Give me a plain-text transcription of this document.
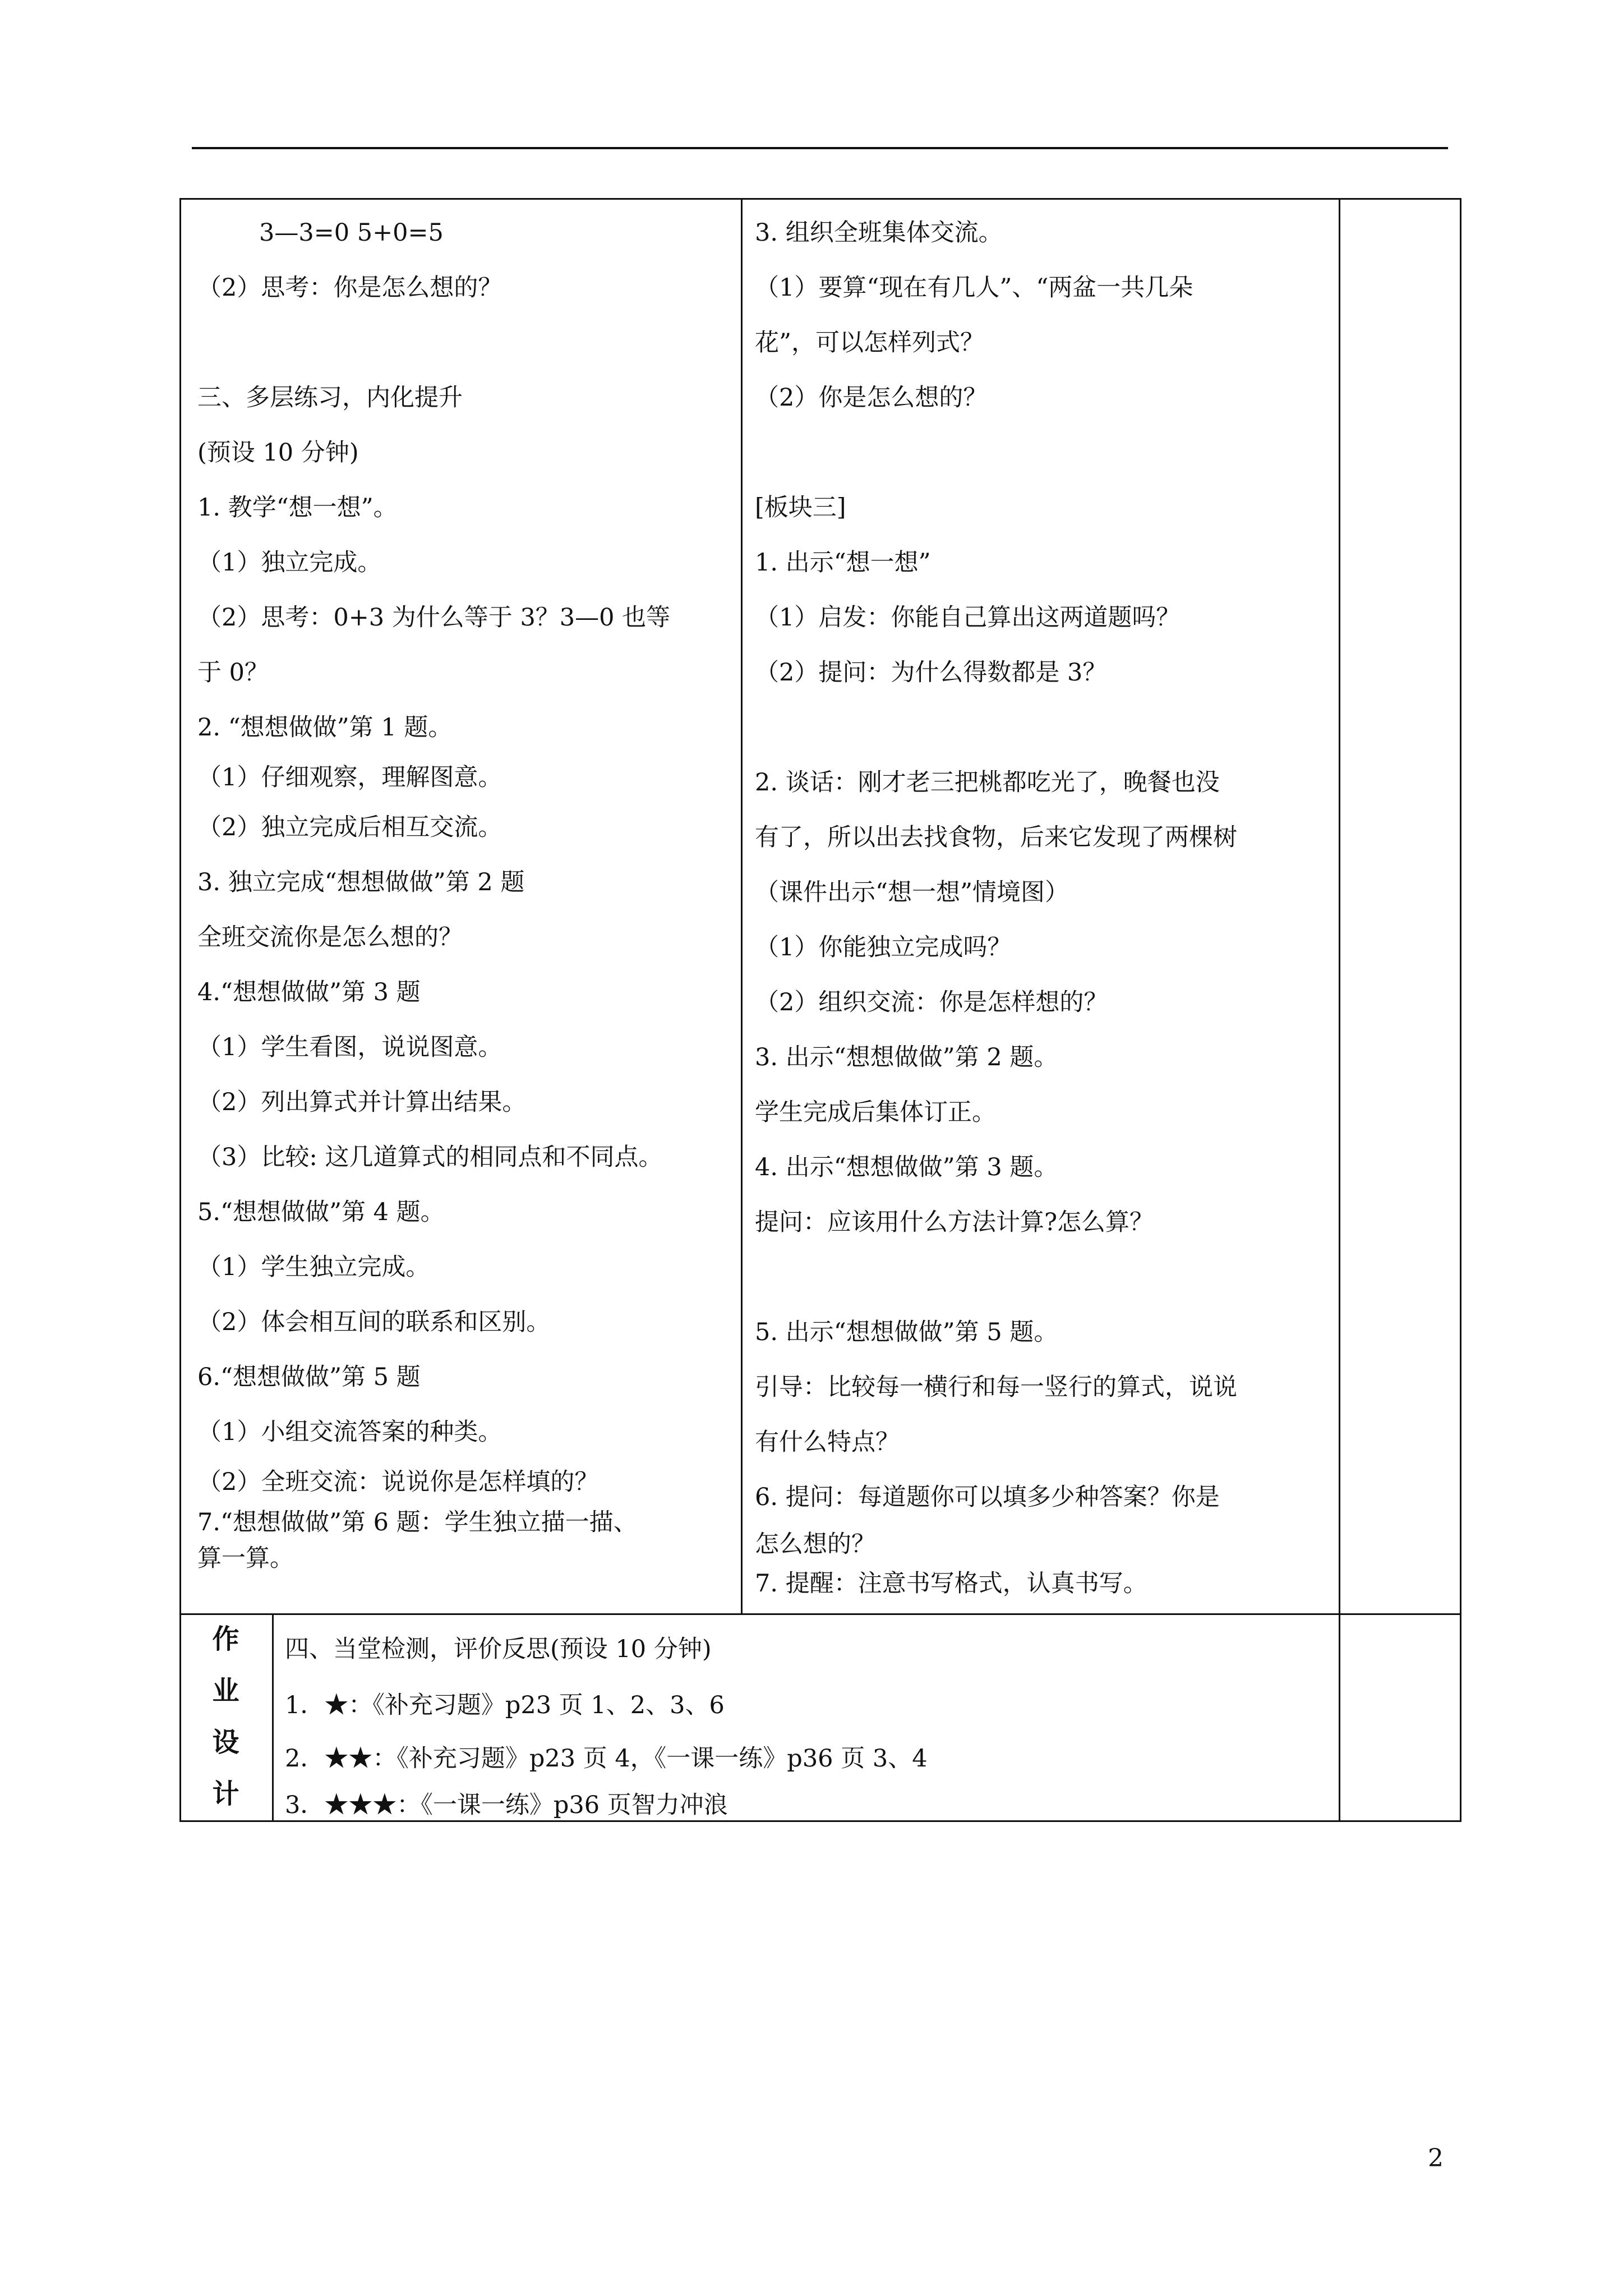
3—3=0 5+0=5
（2）思考：你是怎么想的？
三、多层练习，内化提升
(预设 10 分钟)
1. 教学“想一想”。
（1）独立完成。
（2）思考：0+3 为什么等于 3？3—0 也等
于 0？
2. “想想做做”第 1 题。
（1）仔细观察，理解图意。
（2）独立完成后相互交流。
3. 独立完成“想想做做”第 2 题
全班交流你是怎么想的？
4.“想想做做”第 3 题
（1）学生看图，说说图意。
（2）列出算式并计算出结果。
（3）比较: 这几道算式的相同点和不同点。
5.“想想做做”第 4 题。
（1）学生独立完成。
（2）体会相互间的联系和区别。
6.“想想做做”第 5 题
（1）小组交流答案的种类。
（2）全班交流：说说你是怎样填的？
7.“想想做做”第 6 题：学生独立描一描、
算一算。
3. 组织全班集体交流。
（1）要算“现在有几人”、“两盆一共几朵
花”，可以怎样列式？
（2）你是怎么想的？
[板块三]
1. 出示“想一想”
（1）启发：你能自己算出这两道题吗？
（2）提问：为什么得数都是 3？
2. 谈话：刚才老三把桃都吃光了，晚餐也没
有了，所以出去找食物，后来它发现了两棵树
（课件出示“想一想”情境图）
（1）你能独立完成吗？
（2）组织交流：你是怎样想的？
3. 出示“想想做做”第 2 题。
学生完成后集体订正。
4. 出示“想想做做”第 3 题。
提问：应该用什么方法计算?怎么算？
5. 出示“想想做做”第 5 题。
引导：比较每一横行和每一竖行的算式，说说
有什么特点？
6. 提问：每道题你可以填多少种答案？你是
怎么想的？
7. 提醒：注意书写格式，认真书写。
作
业
设
计
四、当堂检测，评价反思(预设 10 分钟)
1．★：《补充习题》p23 页 1、2、3、6
2．★★：《补充习题》p23 页 4，《一课一练》p36 页 3、4
3．★★★：《一课一练》p36 页智力冲浪
2
